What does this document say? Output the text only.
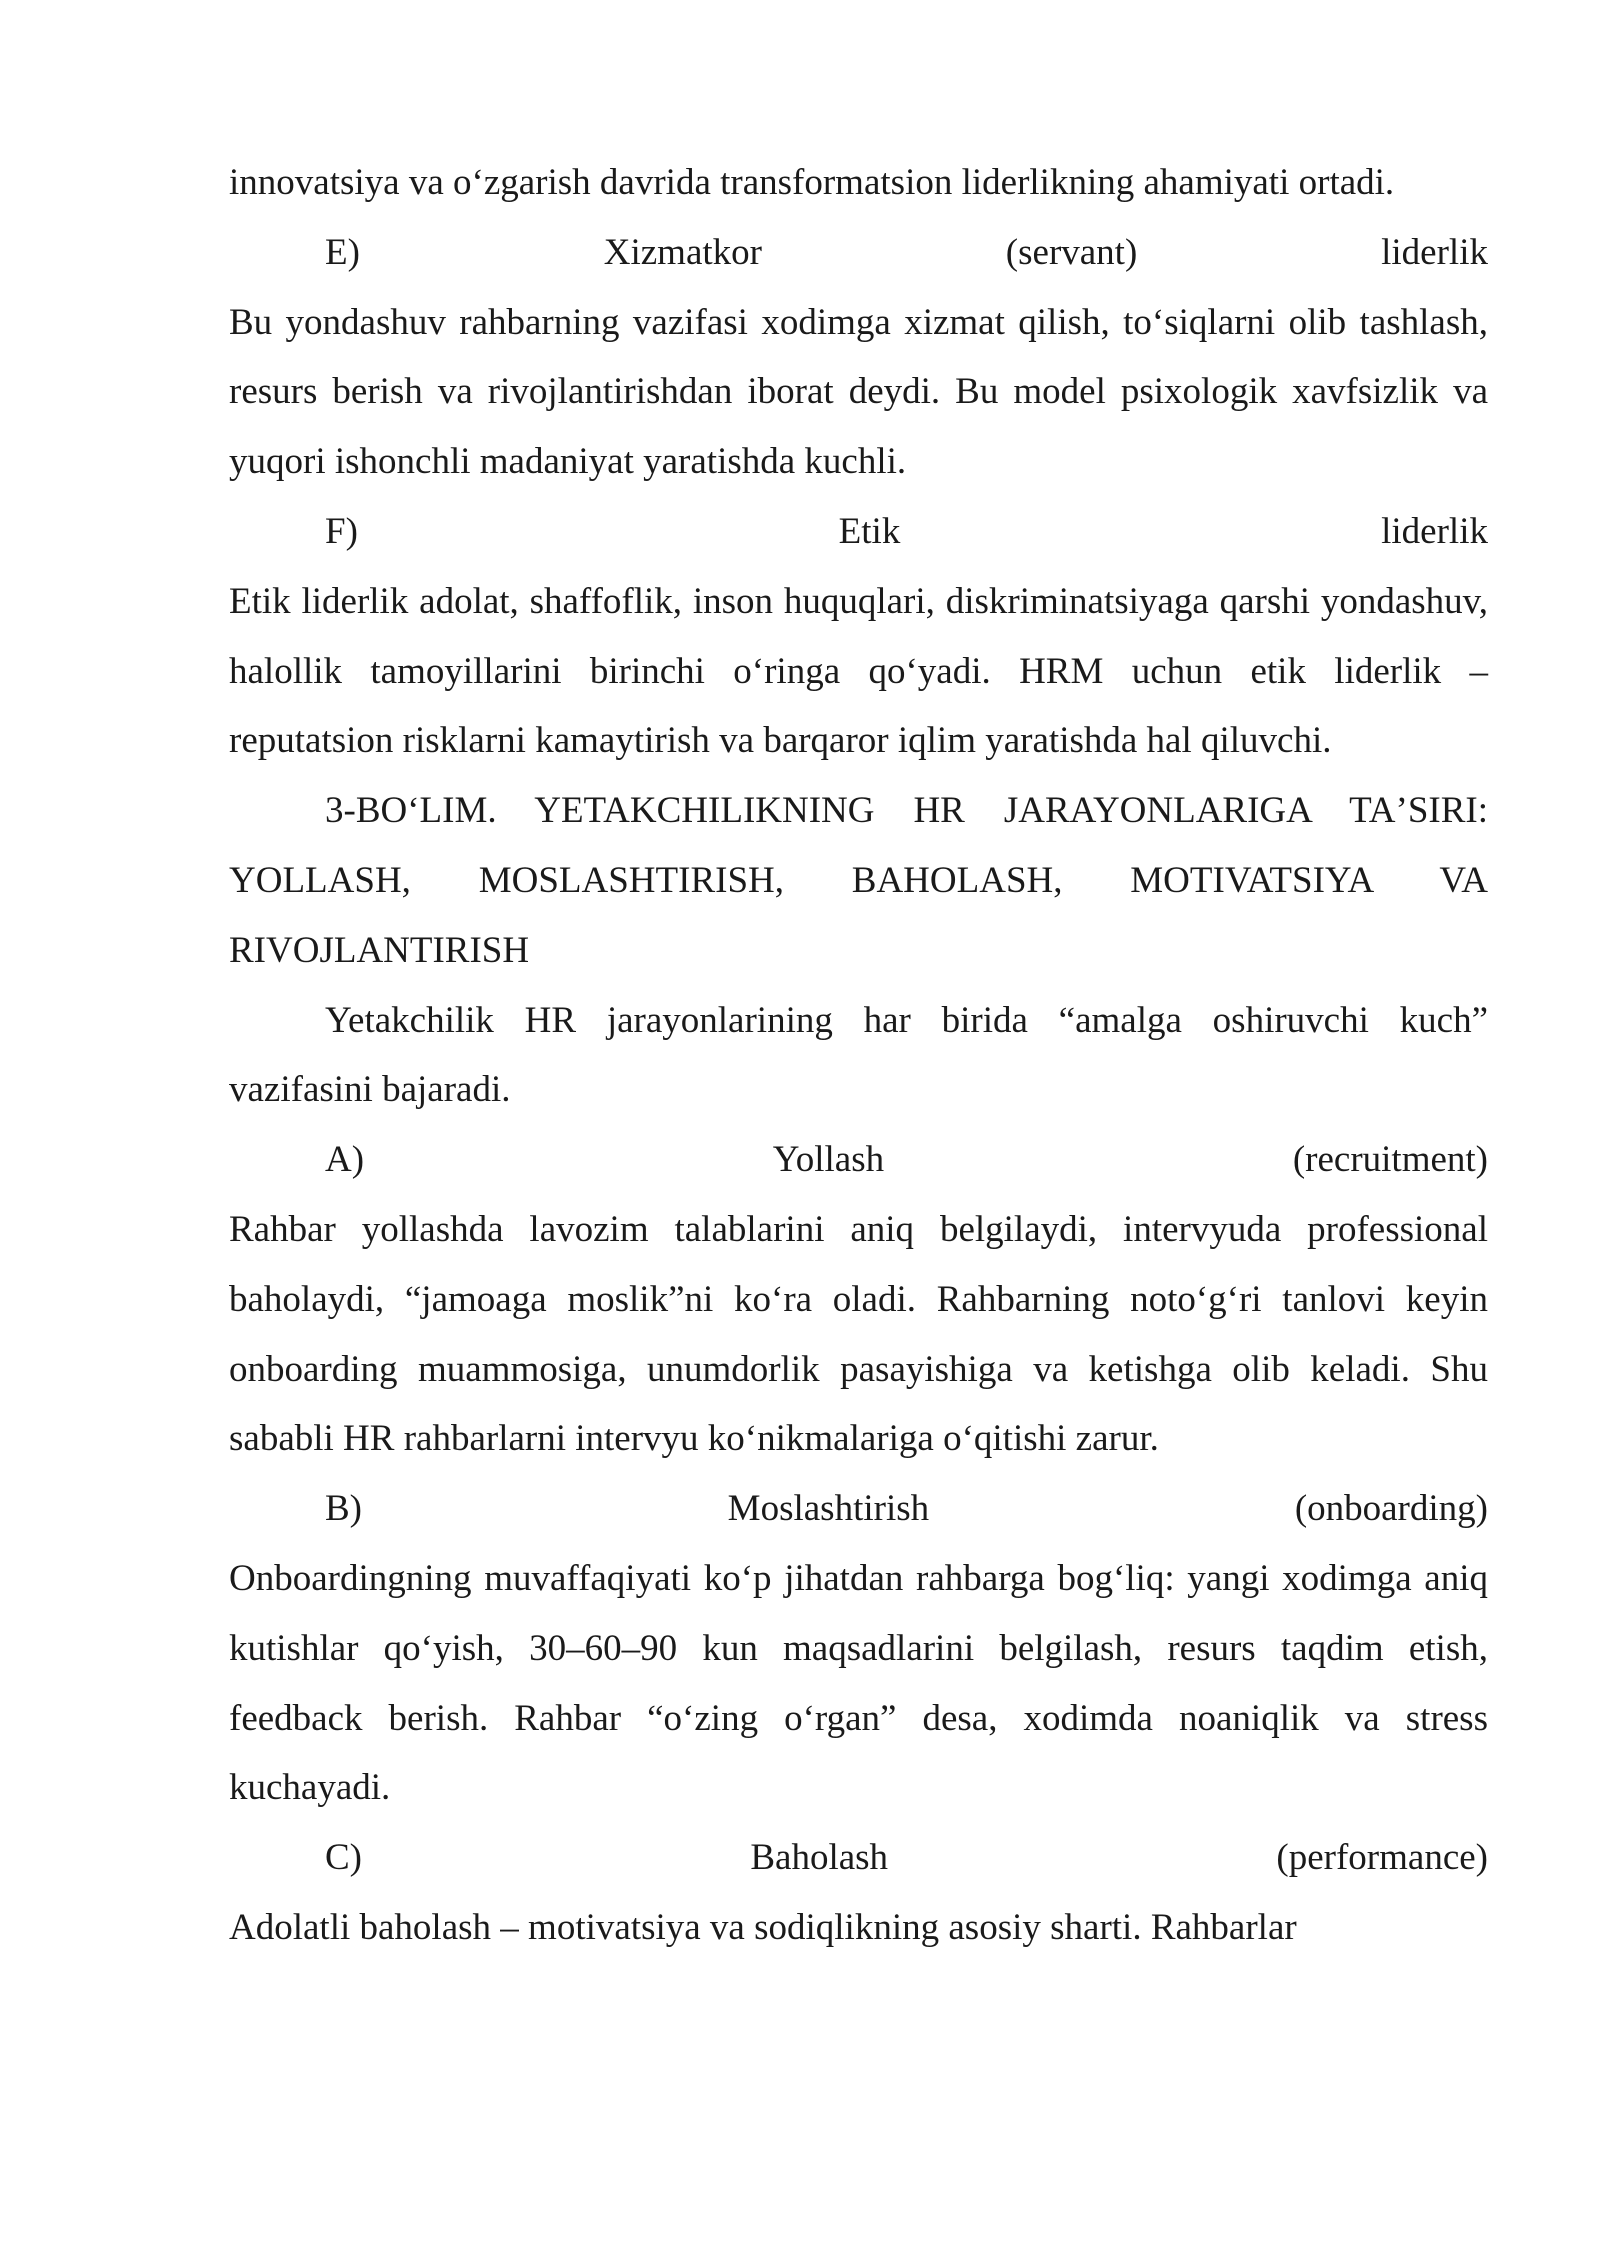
innovatsiya va oʻzgarish davrida transformatsion liderlikning ahamiyati ortadi.

E)	Xizmatkor	(servant)	liderlik

Bu yondashuv rahbarning vazifasi xodimga xizmat qilish, toʻsiqlarni olib tashlash, resurs berish va rivojlantirishdan iborat deydi. Bu model psixologik xavfsizlik va yuqori ishonchli madaniyat yaratishda kuchli.

F)	Etik	liderlik

Etik liderlik adolat, shaffoflik, inson huquqlari, diskriminatsiyaga qarshi yondashuv, halollik tamoyillarini birinchi oʻringa qoʻyadi. HRM uchun etik liderlik – reputatsion risklarni kamaytirish va barqaror iqlim yaratishda hal qiluvchi.

3-BOʻLIM. YETAKCHILIKNING HR JARAYONLARIGA TAʼSIRI: YOLLASH, MOSLASHTIRISH, BAHOLASH, MOTIVATSIYA VA RIVOJLANTIRISH

Yetakchilik HR jarayonlarining har birida “amalga oshiruvchi kuch” vazifasini bajaradi.

A)	Yollash	(recruitment)

Rahbar yollashda lavozim talablarini aniq belgilaydi, intervyuda professional baholaydi, “jamoaga moslik”ni koʻra oladi. Rahbarning notoʻgʻri tanlovi keyin onboarding muammosiga, unumdorlik pasayishiga va ketishga olib keladi. Shu sababli HR rahbarlarni intervyu koʻnikmalariga oʻqitishi zarur.

B)	Moslashtirish	(onboarding)

Onboardingning muvaffaqiyati koʻp jihatdan rahbarga bogʻliq: yangi xodimga aniq kutishlar qoʻyish, 30–60–90 kun maqsadlarini belgilash, resurs taqdim etish, feedback berish. Rahbar “oʻzing oʻrgan” desa, xodimda noaniqlik va stress kuchayadi.

C)	Baholash	(performance)

Adolatli baholash – motivatsiya va sodiqlikning asosiy sharti. Rahbarlar
